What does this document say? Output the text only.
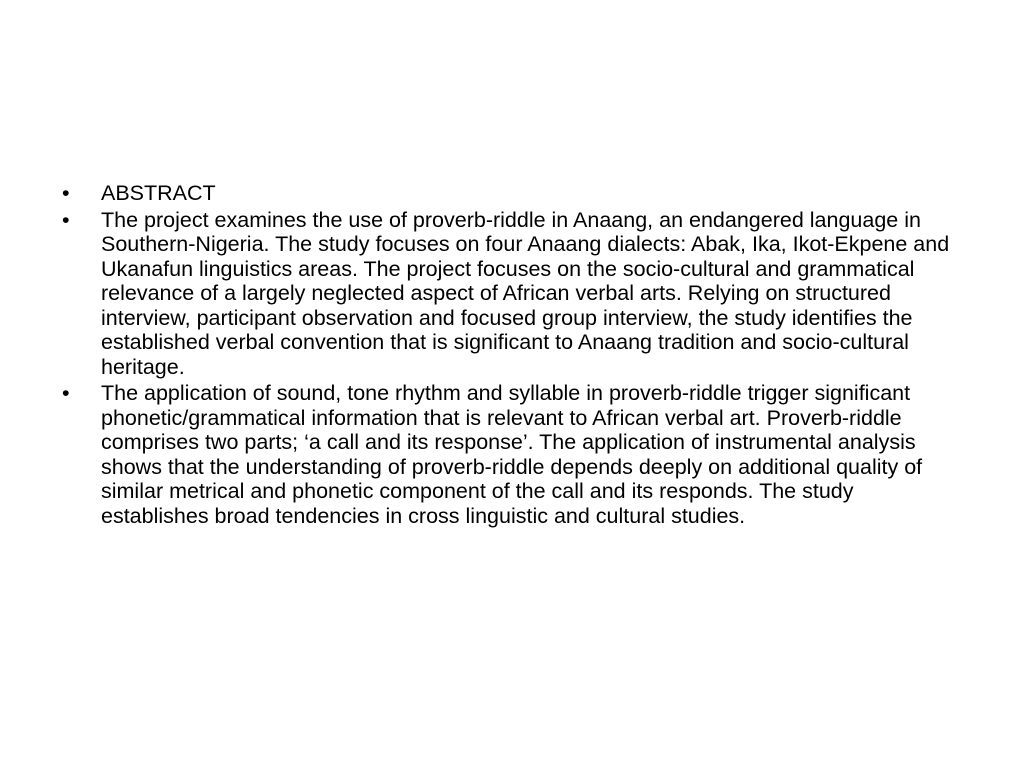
•	ABSTRACT
•	The project examines the use of proverb-riddle in Anaang, an endangered language in Southern-Nigeria. The study focuses on four Anaang dialects: Abak, Ika, Ikot-Ekpene and Ukanafun linguistics areas. The project focuses on the socio-cultural and grammatical relevance of a largely neglected aspect of African verbal arts. Relying on structured interview, participant observation and focused group interview, the study identifies the established verbal convention that is significant to Anaang tradition and socio-cultural heritage.
•	The application of sound, tone rhythm and syllable in proverb-riddle trigger significant phonetic/grammatical information that is relevant to African verbal art. Proverb-riddle comprises two parts; ‘a call and its response’. The application of instrumental analysis shows that the understanding of proverb-riddle depends deeply on additional quality of similar metrical and phonetic component of the call and its responds. The study establishes broad tendencies in cross linguistic and cultural studies.
